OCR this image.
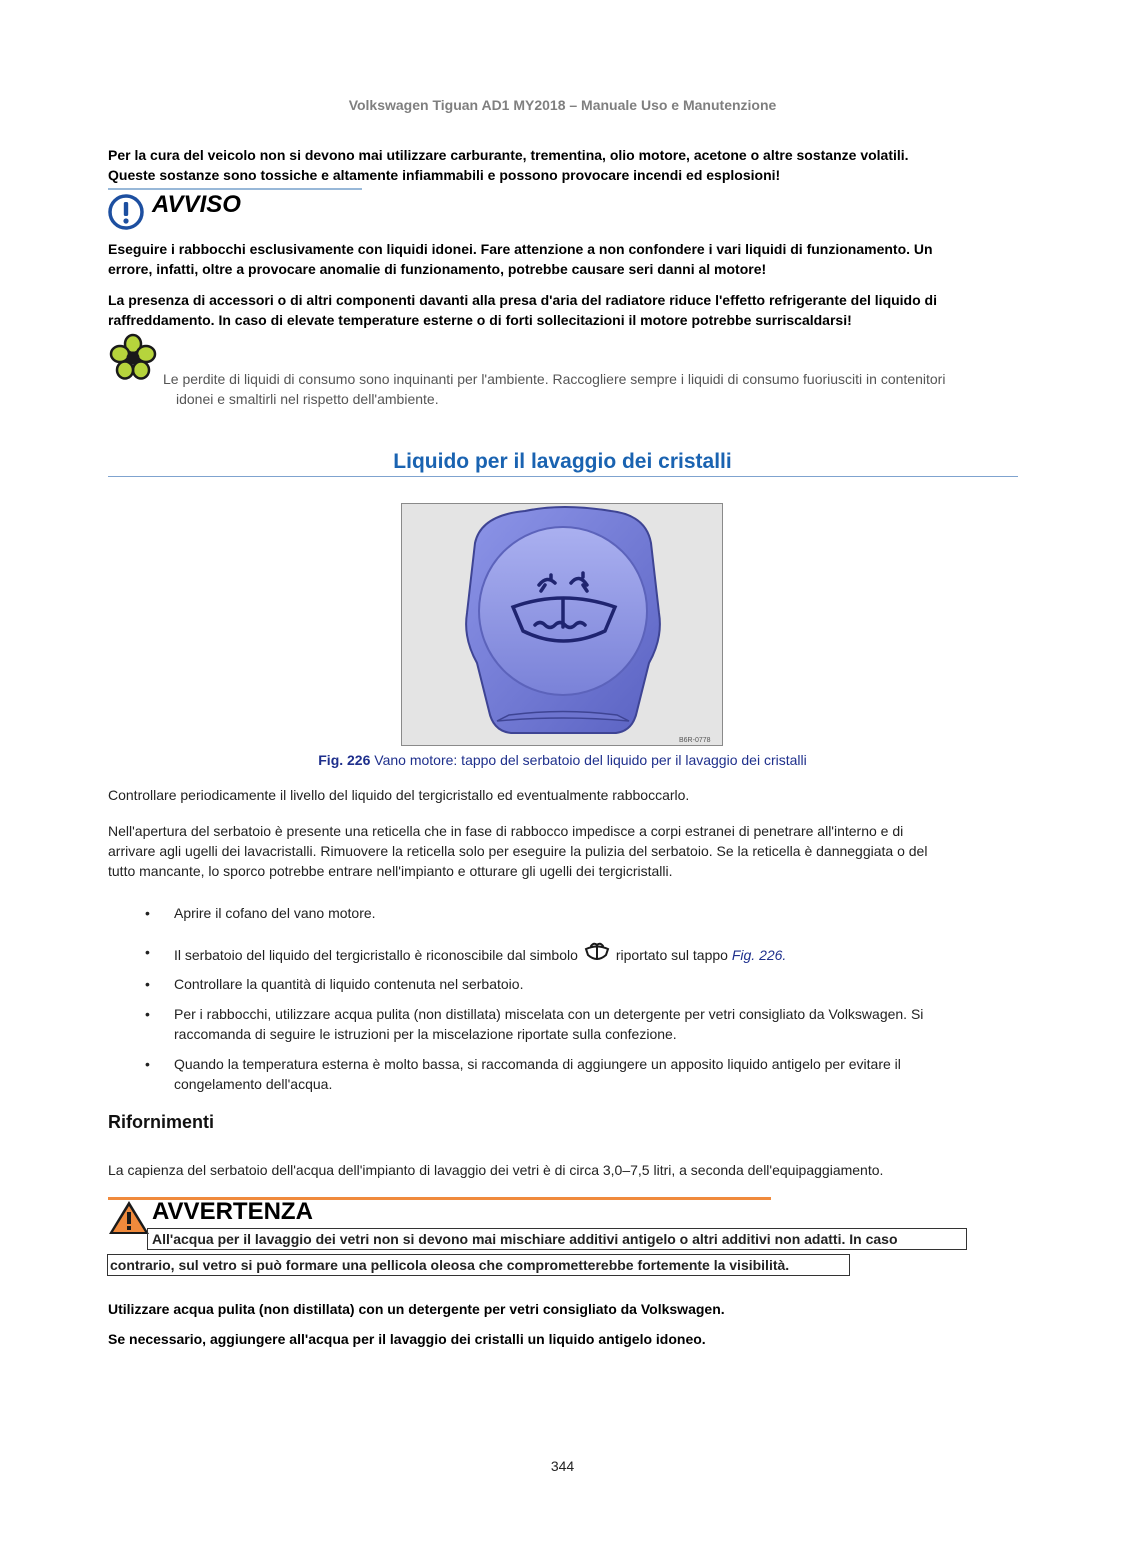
Volkswagen Tiguan AD1 MY2018 – Manuale Uso e Manutenzione
Per la cura del veicolo non si devono mai utilizzare carburante, trementina, olio motore, acetone o altre sostanze volatili.
Queste sostanze sono tossiche e altamente infiammabili e possono provocare incendi ed esplosioni!
AVVISO
Eseguire i rabbocchi esclusivamente con liquidi idonei. Fare attenzione a non confondere i vari liquidi di funzionamento. Un
errore, infatti, oltre a provocare anomalie di funzionamento, potrebbe causare seri danni al motore!
La presenza di accessori o di altri componenti davanti alla presa d'aria del radiatore riduce l'effetto refrigerante del liquido di
raffreddamento. In caso di elevate temperature esterne o di forti sollecitazioni il motore potrebbe surriscaldarsi!
Le perdite di liquidi di consumo sono inquinanti per l'ambiente. Raccogliere sempre i liquidi di consumo fuoriusciti in contenitori
idonei e smaltirli nel rispetto dell'ambiente.
Liquido per il lavaggio dei cristalli
B6R-0778
Fig. 226 Vano motore: tappo del serbatoio del liquido per il lavaggio dei cristalli
Controllare periodicamente il livello del liquido del tergicristallo ed eventualmente rabboccarlo.
Nell'apertura del serbatoio è presente una reticella che in fase di rabbocco impedisce a corpi estranei di penetrare all'interno e di
arrivare agli ugelli dei lavacristalli. Rimuovere la reticella solo per eseguire la pulizia del serbatoio. Se la reticella è danneggiata o del
tutto mancante, lo sporco potrebbe entrare nell'impianto e otturare gli ugelli dei tergicristalli.
• Aprire il cofano del vano motore.
• Il serbatoio del liquido del tergicristallo è riconoscibile dal simbolo	riportato sul tappo Fig. 226.
• Controllare la quantità di liquido contenuta nel serbatoio.
• Per i rabbocchi, utilizzare acqua pulita (non distillata) miscelata con un detergente per vetri consigliato da Volkswagen. Si
raccomanda di seguire le istruzioni per la miscelazione riportate sulla confezione.
• Quando la temperatura esterna è molto bassa, si raccomanda di aggiungere un apposito liquido antigelo per evitare il
congelamento dell'acqua.
Rifornimenti
La capienza del serbatoio dell'acqua dell'impianto di lavaggio dei vetri è di circa 3,0–7,5 litri, a seconda dell'equipaggiamento.
AVVERTENZA
All'acqua per il lavaggio dei vetri non si devono mai mischiare additivi antigelo o altri additivi non adatti. In caso
contrario, sul vetro si può formare una pellicola oleosa che comprometterebbe fortemente la visibilità.
Utilizzare acqua pulita (non distillata) con un detergente per vetri consigliato da Volkswagen.
Se necessario, aggiungere all'acqua per il lavaggio dei cristalli un liquido antigelo idoneo.
344
